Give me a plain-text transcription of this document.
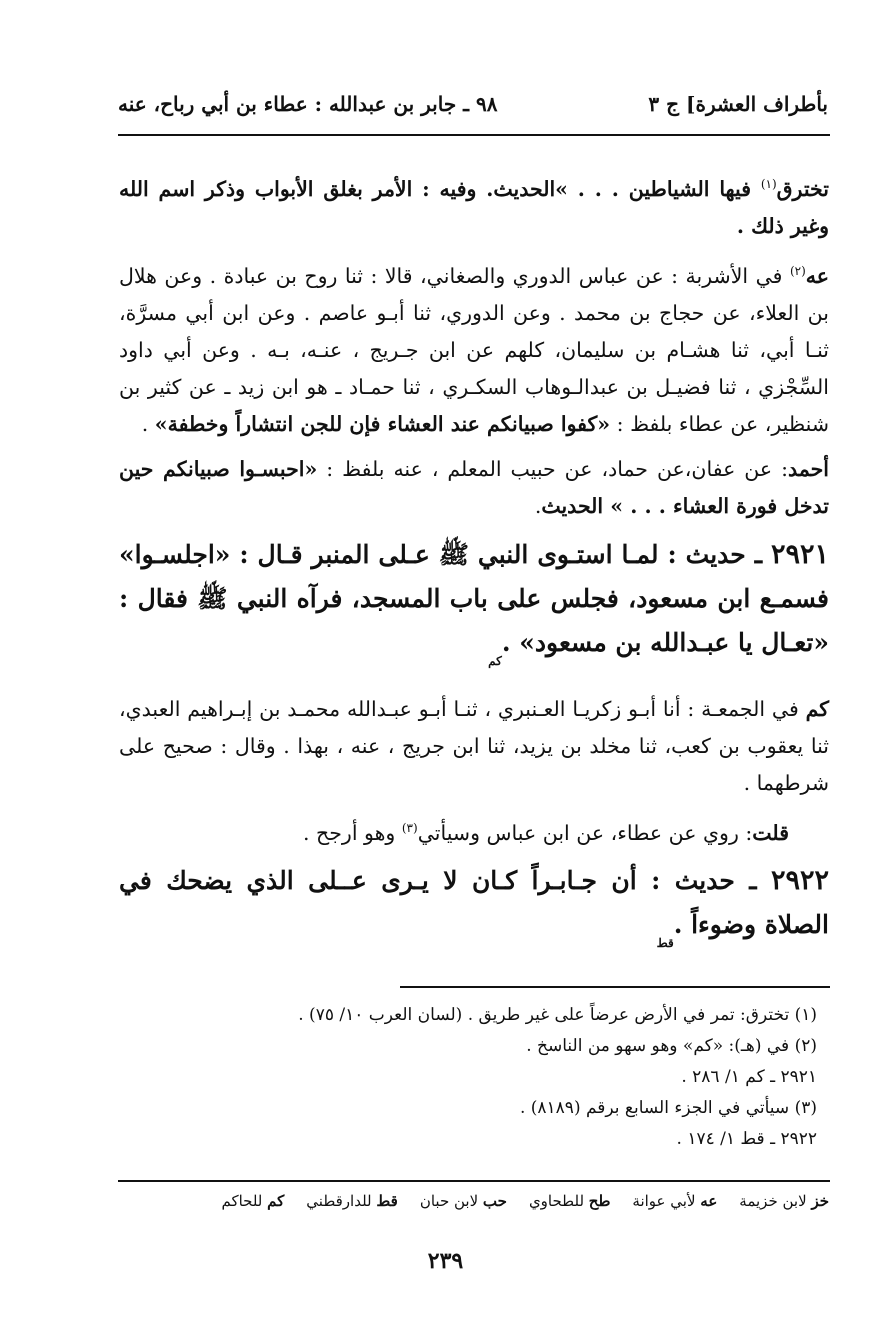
بأطراف العشرة] ج ٣
٩٨ ـ جابر بن عبدالله : عطاء بن أبي رباح، عنه

تخترق$^{(١)}$ فيها الشياطين . . . »الحديث. وفيه : الأمر بغلق الأبواب وذكر اسم الله وغير ذلك .

عه$^{(٢)}$ في الأشربة : عن عباس الدوري والصغاني، قالا : ثنا روح بن عبادة . وعن هلال بن العلاء، عن حجاج بن محمد . وعن الدوري، ثنا أبـو عاصم . وعن ابن أبي مسرَّة، ثنـا أبي، ثنا هشـام بن سليمان، كلهم عن ابن جـريج ، عنـه، بـه . وعن أبي داود السِّجْزي ، ثنا فضيـل بن عبدالـوهاب السكـري ، ثنا حمـاد ـ هو ابن زيد ـ عن كثير بن شنظير، عن عطاء بلفظ : «كفوا صبيانكم عند العشاء فإن للجن انتشاراً وخطفة» .

أحمد: عن عفان،عن حماد، عن حبيب المعلم ، عنه بلفظ : «احبسـوا صبيانكم حين تدخل فورة العشاء . . . » الحديث.

٢٩٢١ ـ حديث : لمـا استـوى النبي ﷺ عـلى المنبر قـال : «اجلسـوا» فسمـع ابن مسعود، فجلس على باب المسجد، فرآه النبي ﷺ فقال : «تعـال يا عبـدالله بن مسعود» .كم

كم في الجمعـة : أنا أبـو زكريـا العـنبري ، ثنـا أبـو عبـدالله محمـد بن إبـراهيم العبدي، ثنا يعقوب بن كعب، ثنا مخلد بن يزيد، ثنا ابن جريج ، عنه ، بهذا . وقال : صحيح على شرطهما .

قلت: روي عن عطاء، عن ابن عباس وسيأتي$^{(٣)}$ وهو أرجح .

٢٩٢٢ ـ حديث : أن جـابـراً كـان لا يـرى عــلى الذي يضحك في الصلاة وضوءاً .قط
(١) تخترق: تمر في الأرض عرضاً على غير طريق . (لسان العرب ١٠/ ٧٥) .
(٢) في (هـ): «كم» وهو سهو من الناسخ .
٢٩٢١ ـ كم ١/ ٢٨٦ .
(٣) سيأتي في الجزء السابع برقم (٨١٨٩) .
٢٩٢٢ ـ قط ١/ ١٧٤ .
خز لابن خزيمة
عه لأبي عوانة
طح للطحاوي
حب لابن حبان
قط للدارقطني
كم للحاكم
٢٣٩
